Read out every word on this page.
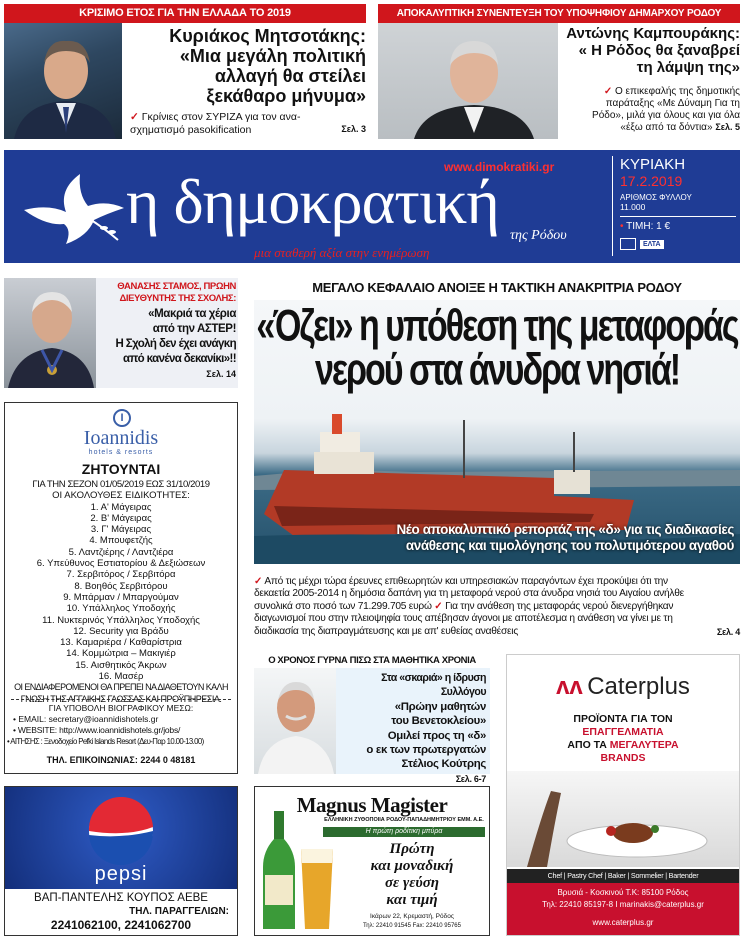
ΚΡΙΣΙΜΟ ΕΤΟΣ ΓΙΑ ΤΗΝ ΕΛΛΑΔΑ ΤΟ 2019
Κυριάκος Μητσοτάκης:
«Μια μεγάλη πολιτική
αλλαγή θα στείλει
ξεκάθαρο μήνυμα»
✓ Γκρίνιες στον ΣΥΡΙΖΑ για τον ανα-
σχηματισμό pasokification	Σελ. 3
ΑΠΟΚΑΛΥΠΤΙΚΗ ΣΥΝΕΝΤΕΥΞΗ ΤΟΥ ΥΠΟΨΗΦΙΟΥ ΔΗΜΑΡΧΟΥ ΡΟΔΟΥ
Αντώνης Καμπουράκης:
« Η Ρόδος θα ξαναβρεί
τη λάμψη της»
✓ Ο επικεφαλής της δημοτικής
παράταξης «Με Δύναμη Για τη
Ρόδο», μιλά για όλους και για όλα
«έξω από τα δόντια» Σελ. 5
www.dimokratiki.gr
η δημοκρατική της Ρόδου
μια σταθερή αξία στην ενημέρωση
ΚΥΡΙΑΚΗ
17.2.2019
ΑΡΙΘΜΟΣ ΦΥΛΛΟΥ
11.000
• ΤΙΜΗ: 1 €
ΕΛΤΑ
ΘΑΝΑΣΗΣ ΣΤΑΜΟΣ, ΠΡΩΗΝ
ΔΙΕΥΘΥΝΤΗΣ ΤΗΣ ΣΧΟΛΗΣ:
«Μακριά τα χέρια
από την ΑΣΤΕΡ!
Η Σχολή δεν έχει ανάγκη
από κανένα δεκανίκι»!!
Σελ. 14
I
Ioannidis
hotels & resorts
ΖΗΤΟΥΝΤΑΙ
ΓΙΑ ΤΗΝ ΣΕΖΟΝ 01/05/2019 ΕΩΣ 31/10/2019
ΟΙ ΑΚΟΛΟΥΘΕΣ ΕΙΔΙΚΟΤΗΤΕΣ:
1. Α' Μάγειρας
2. Β' Μάγειρας
3. Γ' Μάγειρας
4. Μπουφετζής
5. Λαντζιέρης / Λαντζιέρα
6. Υπεύθυνος Εστιατορίου & Δεξιώσεων
7. Σερβιτόρος / Σερβιτόρα
8. Βοηθός Σερβιτόρου
9. Μπάρμαν / Μπαργούμαν
10. Υπάλληλος Υποδοχής
11. Νυκτερινός Υπάλληλος Υποδοχής
12. Security για Βράδυ
13. Καμαριέρα / Καθαρίστρια
14. Κομμώτρια – Μακιγιέρ
15. Αισθητικός Άκρων
16. Μασέρ
ΟΙ ΕΝΔΙΑΦΕΡΟΜΕΝΟΙ ΘΑ ΠΡΕΠΕΙ ΝΑ ΔΙΑΘΕΤΟΥΝ ΚΑΛΗ
ΓΝΩΣΗ ΤΗΣ ΑΓΓΛΙΚΗΣ ΓΛΩΣΣΑΣ ΚΑΙ ΠΡΟΫΠΗΡΕΣΙΑ.
ΓΙΑ ΥΠΟΒΟΛΗ ΒΙΟΓΡΑΦΙΚΟΥ ΜΕΣΩ:
• EMAIL: secretary@ioannidishotels.gr
• WEBSITE: http://www.ioannidishotels.gr/jobs/
• ΑΙΤΗΣΗΣ : Ξενοδοχείο Pefki Islands Resort (Δευ-Παρ 10.00-13.00)
ΤΗΛ. ΕΠΙΚΟΙΝΩΝΙΑΣ: 2244 0 48181
pepsi
ΒΑΠ-ΠΑΝΤΕΛΗΣ ΚΟΥΠΟΣ ΑΕΒΕ
ΤΗΛ. ΠΑΡΑΓΓΕΛΙΩΝ:
2241062100, 2241062700
ΜΕΓΑΛΟ ΚΕΦΑΛΑΙΟ ΑΝΟΙΞΕ Η ΤΑΚΤΙΚΗ ΑΝΑΚΡΙΤΡΙΑ ΡΟΔΟΥ
Νέο αποκαλυπτικό ρεπορτάζ της «δ» για τις διαδικασίες
ανάθεσης και τιμολόγησης του πολυτιμότερου αγαθού
«Όζει» η υπόθεση της μεταφοράς
νερού στα άνυδρα νησιά!
✓ Από τις μέχρι τώρα έρευνες επιθεωρητών και υπηρεσιακών παραγόντων έχει προκύψει ότι την
δεκαετία 2005-2014 η δημόσια δαπάνη για τη μεταφορά νερού στα άνυδρα νησιά του Αιγαίου ανήλθε
συνολικά στο ποσό των 71.299.705 ευρώ ✓ Για την ανάθεση της μεταφοράς νερού διενεργήθηκαν
διαγωνισμοί που στην πλειοψηφία τους απέβησαν άγονοι με αποτέλεσμα η ανάθεση να γίνει με τη
διαδικασία της διαπραγμάτευσης και με απ' ευθείας αναθέσεις	Σελ. 4
Ο ΧΡΟΝΟΣ ΓΥΡΝΑ ΠΙΣΩ ΣΤΑ ΜΑΘΗΤΙΚΑ ΧΡΟΝΙΑ
Στα «σκαριά» η ίδρυση Συλλόγου
«Πρώην μαθητών
του Βενετοκλείου»
Ομιλεί προς τη «δ»
ο εκ των πρωτεργατών
Στέλιος Κούτρης
Σελ. 6-7
Magnus Magister
ΕΛΛΗΝΙΚΗ ΖΥΘΟΠΟΙΙΑ ΡΟΔΟΥ-ΠΑΠΑΔΗΜΗΤΡΙΟΥ ΕΜΜ. Α.Ε.
Η πρώτη ροδίτικη μπύρα
Πρώτη
και μοναδική
σε γεύση
και τιμή
Ικάρων 22, Κρεμαστή, Ρόδος
Τηλ: 22410 91545 Fax: 22410 95765
ᴧᴧ Caterplus
ΠΡΟΪΟΝΤΑ ΓΙΑ ΤΟΝ
ΕΠΑΓΓΕΛΜΑΤΙΑ
ΑΠΟ ΤΑ ΜΕΓΑΛΥΤΕΡΑ
BRANDS
Chef | Pastry Chef | Baker | Sommelier | Bartender
Βρυσιά - Κοσκινού Τ.Κ: 85100 Ρόδος
Τηλ: 22410 85197-8 I marinakis@caterplus.gr
www.caterplus.gr
